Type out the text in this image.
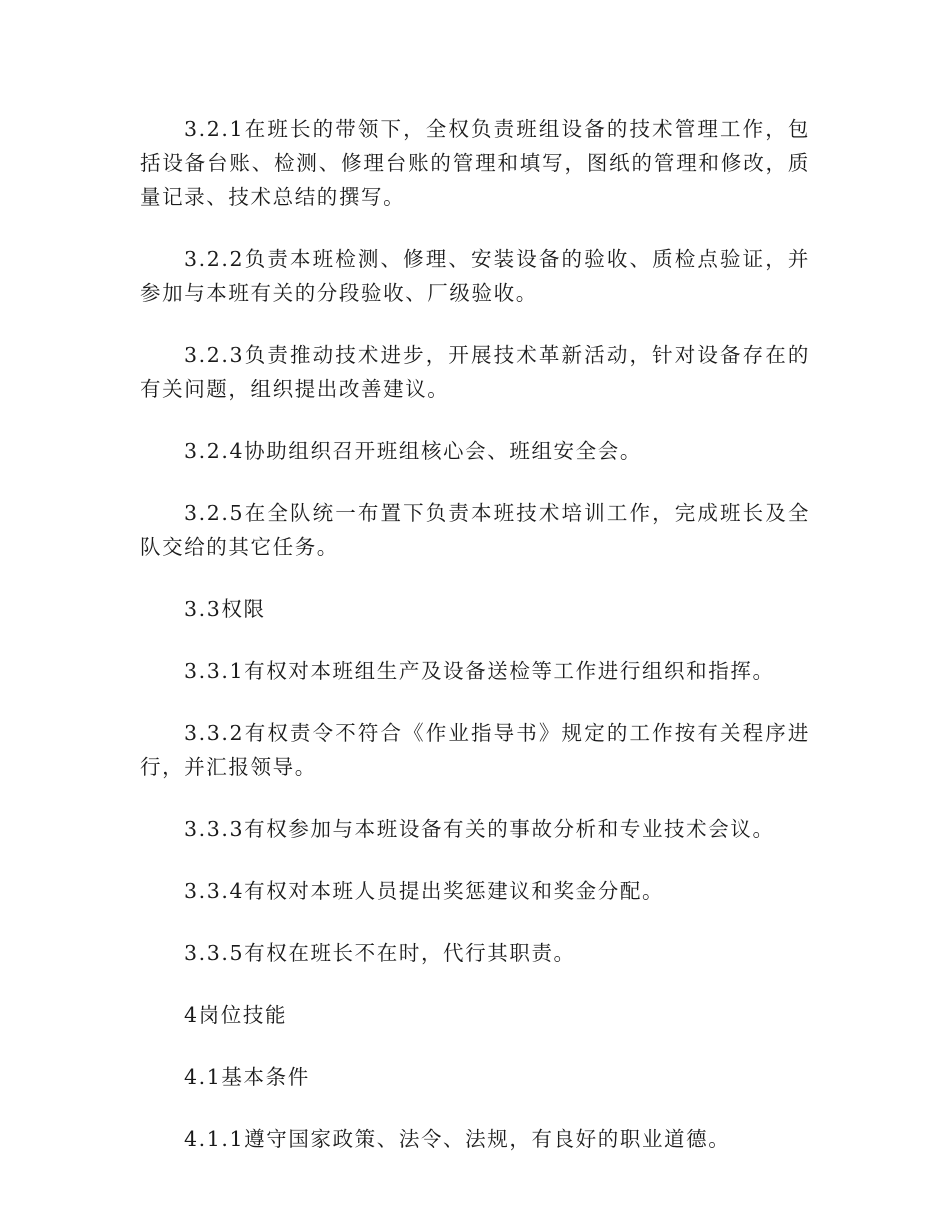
3.2.1在班长的带领下，全权负责班组设备的技术管理工作，包括设备台账、检测、修理台账的管理和填写，图纸的管理和修改，质量记录、技术总结的撰写。

3.2.2负责本班检测、修理、安装设备的验收、质检点验证，并参加与本班有关的分段验收、厂级验收。

3.2.3负责推动技术进步，开展技术革新活动，针对设备存在的有关问题，组织提出改善建议。

3.2.4协助组织召开班组核心会、班组安全会。

3.2.5在全队统一布置下负责本班技术培训工作，完成班长及全队交给的其它任务。

3.3权限

3.3.1有权对本班组生产及设备送检等工作进行组织和指挥。

3.3.2有权责令不符合《作业指导书》规定的工作按有关程序进行，并汇报领导。

3.3.3有权参加与本班设备有关的事故分析和专业技术会议。

3.3.4有权对本班人员提出奖惩建议和奖金分配。

3.3.5有权在班长不在时，代行其职责。

4岗位技能

4.1基本条件

4.1.1遵守国家政策、法令、法规，有良好的职业道德。
